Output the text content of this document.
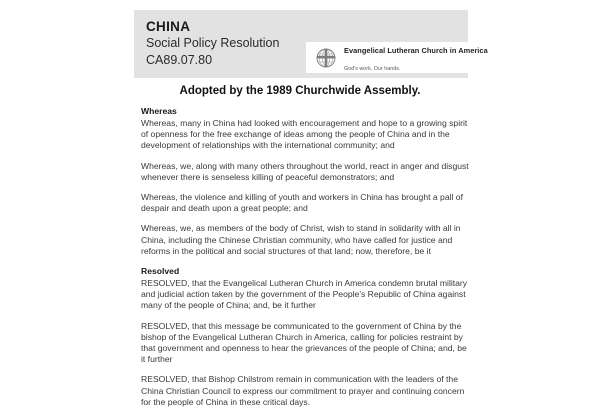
CHINA
Social Policy Resolution
CA89.07.80
Evangelical Lutheran Church in America God's work. Our hands.
Adopted by the 1989 Churchwide Assembly.
Whereas

Whereas, many in China had looked with encouragement and hope to a growing spirit of openness for the free exchange of ideas among the people of China and in the development of relationships with the international community; and

Whereas, we, along with many others throughout the world, react in anger and disgust whenever there is senseless killing of peaceful demonstrators; and

Whereas, the violence and killing of youth and workers in China has brought a pall of despair and death upon a great people; and

Whereas, we, as members of the body of Christ, wish to stand in solidarity with all in China, including the Chinese Christian community, who have called for justice and reforms in the political and social structures of that land; now, therefore, be it

Resolved

RESOLVED, that the Evangelical Lutheran Church in America condemn brutal military and judicial action taken by the government of the People's Republic of China against many of the people of China; and, be it further

RESOLVED, that this message be communicated to the government of China by the bishop of the Evangelical Lutheran Church in America, calling for policies restraint by that government and openness to hear the grievances of the people of China; and, be it further

RESOLVED, that Bishop Chilstrom remain in communication with the leaders of the China Christian Council to express our commitment to prayer and continuing concern for the people of China in these critical days.
